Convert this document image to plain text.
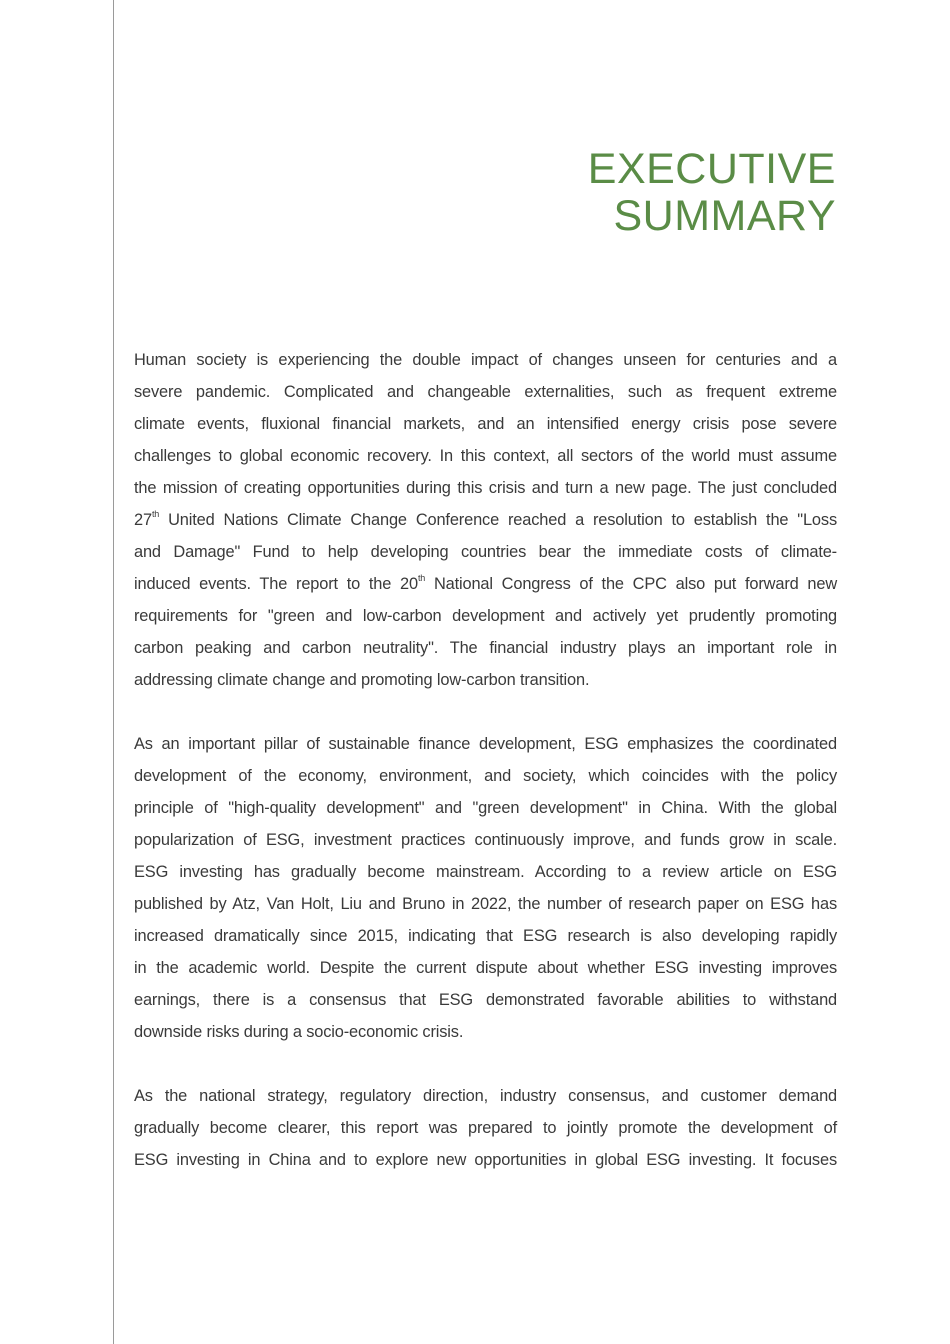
EXECUTIVE
SUMMARY

Human society is experiencing the double impact of changes unseen for centuries and a
severe pandemic. Complicated and changeable externalities, such as frequent extreme
climate events, fluxional financial markets, and an intensified energy crisis pose severe
challenges to global economic recovery. In this context, all sectors of the world must assume
the mission of creating opportunities during this crisis and turn a new page. The just concluded
27th United Nations Climate Change Conference reached a resolution to establish the "Loss
and Damage" Fund to help developing countries bear the immediate costs of climate-
induced events. The report to the 20th National Congress of the CPC also put forward new
requirements for "green and low-carbon development and actively yet prudently promoting
carbon peaking and carbon neutrality". The financial industry plays an important role in
addressing climate change and promoting low-carbon transition.

As an important pillar of sustainable finance development, ESG emphasizes the coordinated
development of the economy, environment, and society, which coincides with the policy
principle of "high-quality development" and "green development" in China. With the global
popularization of ESG, investment practices continuously improve, and funds grow in scale.
ESG investing has gradually become mainstream. According to a review article on ESG
published by Atz, Van Holt, Liu and Bruno in 2022, the number of research paper on ESG has
increased dramatically since 2015, indicating that ESG research is also developing rapidly
in the academic world. Despite the current dispute about whether ESG investing improves
earnings, there is a consensus that ESG demonstrated favorable abilities to withstand
downside risks during a socio-economic crisis.

As the national strategy, regulatory direction, industry consensus, and customer demand
gradually become clearer, this report was prepared to jointly promote the development of
ESG investing in China and to explore new opportunities in global ESG investing. It focuses
